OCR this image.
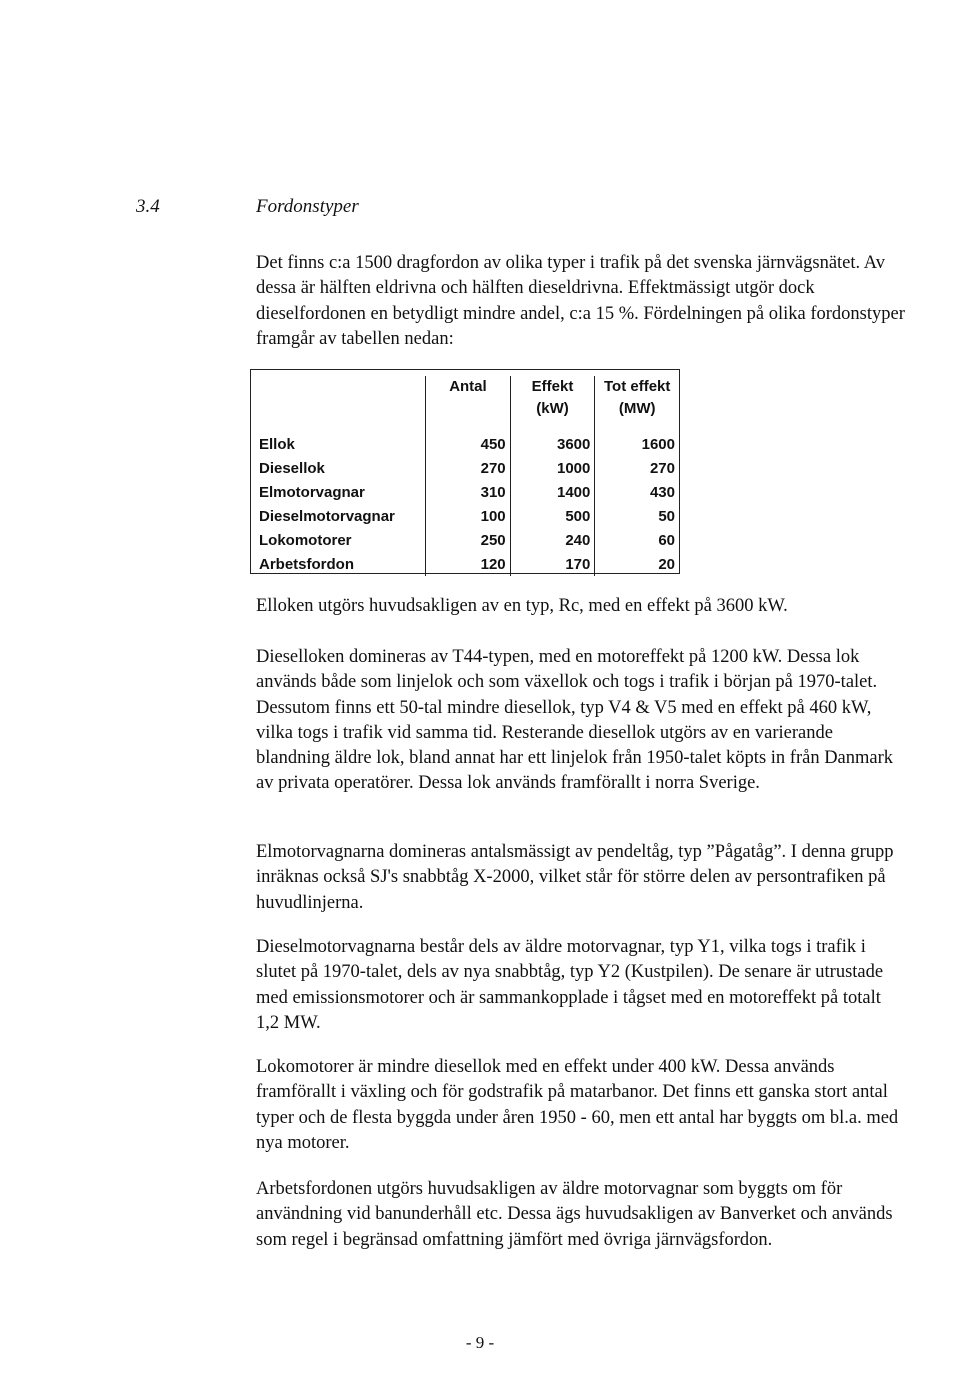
3.4	Fordonstyper

Det finns c:a 1500 dragfordon av olika typer i trafik på det svenska järnvägsnätet. Av dessa är hälften eldrivna och hälften dieseldrivna. Effektmässigt utgör dock dieselfordonen en betydligt mindre andel, c:a 15 %. Fördelningen på olika fordonstyper framgår av tabellen nedan:

	Antal	Effekt (kW)	Tot effekt (MW)
Ellok	450	3600	1600
Diesellok	270	1000	270
Elmotorvagnar	310	1400	430
Dieselmotorvagnar	100	500	50
Lokomotorer	250	240	60
Arbetsfordon	120	170	20

Elloken utgörs huvudsakligen av en typ, Rc, med en effekt på 3600 kW.

Dieselloken domineras av T44-typen, med en motoreffekt på 1200 kW. Dessa lok används både som linjelok och som växellok och togs i trafik i början på 1970-talet. Dessutom finns ett 50-tal mindre diesellok, typ V4 & V5 med en effekt på 460 kW, vilka togs i trafik vid samma tid. Resterande diesellok utgörs av en varierande blandning äldre lok, bland annat har ett linjelok från 1950-talet köpts in från Danmark av privata operatörer. Dessa lok används framförallt i norra Sverige.

Elmotorvagnarna domineras antalsmässigt av pendeltåg, typ ”Pågatåg”. I denna grupp inräknas också SJ's snabbtåg X-2000, vilket står för större delen av persontrafiken på huvudlinjerna.

Dieselmotorvagnarna består dels av äldre motorvagnar, typ Y1, vilka togs i trafik i slutet på 1970-talet, dels av nya snabbtåg, typ Y2 (Kustpilen). De senare är utrustade med emissionsmotorer och är sammankopplade i tågset med en motoreffekt på totalt 1,2 MW.

Lokomotorer är mindre diesellok med en effekt under 400 kW. Dessa används framförallt i växling och för godstrafik på matarbanor. Det finns ett ganska stort antal typer och de flesta byggda under åren 1950 - 60, men ett antal har byggts om bl.a. med nya motorer.

Arbetsfordonen utgörs huvudsakligen av äldre motorvagnar som byggts om för användning vid banunderhåll etc. Dessa ägs huvudsakligen av Banverket och används som regel i begränsad omfattning jämfört med övriga järnvägsfordon.

- 9 -
